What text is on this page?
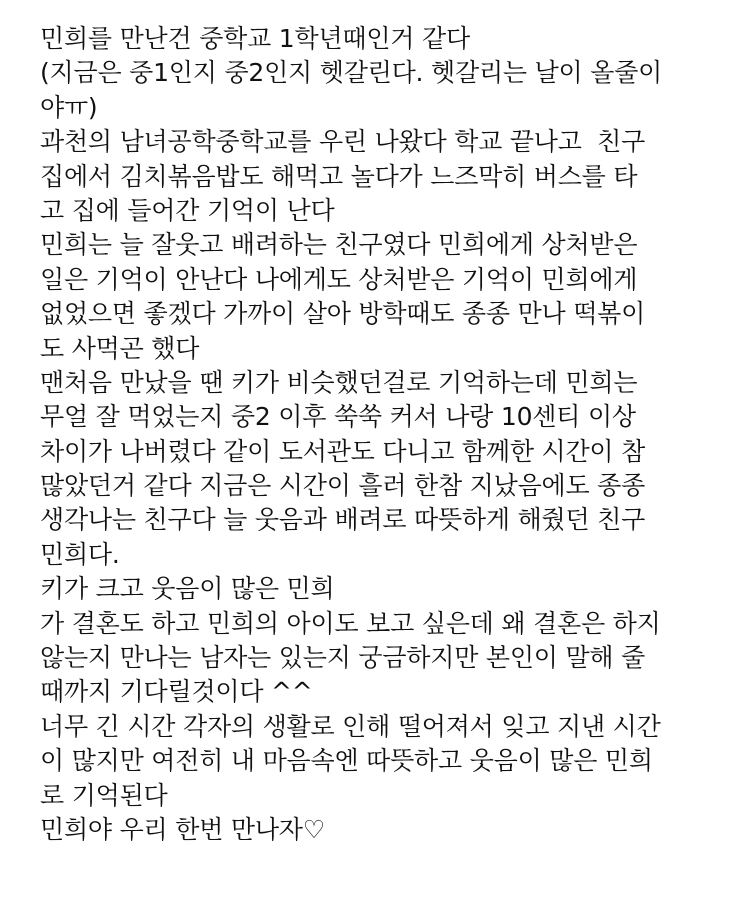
민희를 만난건 중학교 1학년때인거 같다
(지금은 중1인지 중2인지 헷갈린다. 헷갈리는 날이 올줄이
야ㅠ)
과천의 남녀공학중학교를 우린 나왔다 학교 끝나고  친구
집에서 김치볶음밥도 해먹고 놀다가 느즈막히 버스를 타
고 집에 들어간 기억이 난다
민희는 늘 잘웃고 배려하는 친구였다 민희에게 상처받은
일은 기억이 안난다 나에게도 상처받은 기억이 민희에게
없었으면 좋겠다 가까이 살아 방학때도 종종 만나 떡볶이
도 사먹곤 했다
맨처음 만났을 땐 키가 비슷했던걸로 기억하는데 민희는
무얼 잘 먹었는지 중2 이후 쑥쑥 커서 나랑 10센티 이상
차이가 나버렸다 같이 도서관도 다니고 함께한 시간이 참
많았던거 같다 지금은 시간이 흘러 한참 지났음에도 종종
생각나는 친구다 늘 웃음과 배려로 따뜻하게 해줬던 친구
민희다.
키가 크고 웃음이 많은 민희
가 결혼도 하고 민희의 아이도 보고 싶은데 왜 결혼은 하지
않는지 만나는 남자는 있는지 궁금하지만 본인이 말해 줄
때까지 기다릴것이다 ^^
너무 긴 시간 각자의 생활로 인해 떨어져서 잊고 지낸 시간
이 많지만 여전히 내 마음속엔 따뜻하고 웃음이 많은 민희
로 기억된다
민희야 우리 한번 만나자♡
